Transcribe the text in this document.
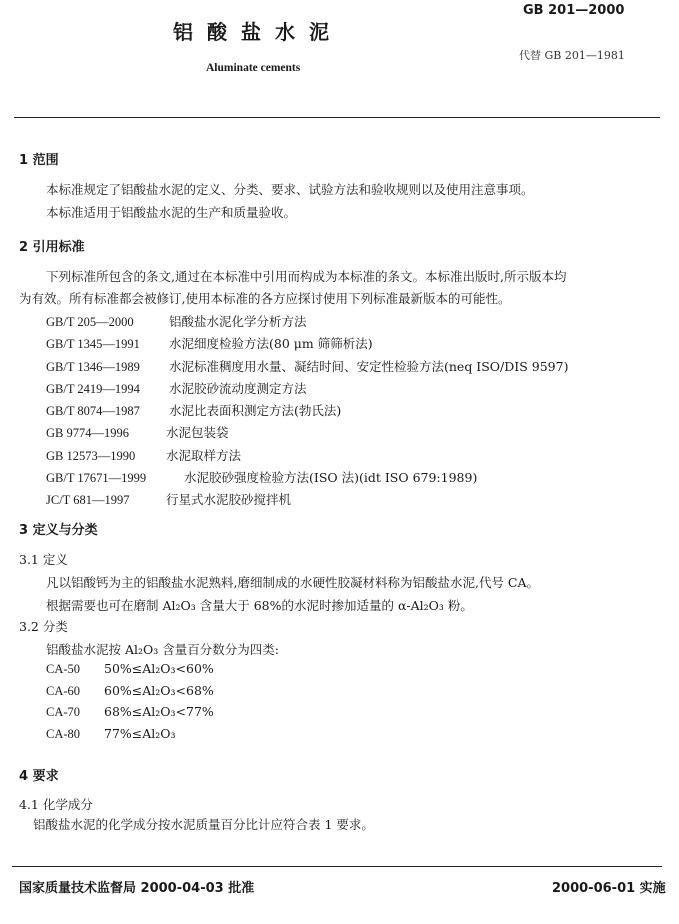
GB 201—2000
铝酸盐水泥
代替 GB 201—1981
Aluminate cements
1 范围
本标准规定了铝酸盐水泥的定义、分类、要求、试验方法和验收规则以及使用注意事项。
本标准适用于铝酸盐水泥的生产和质量验收。
2 引用标准
下列标准所包含的条文,通过在本标准中引用而构成为本标准的条文。本标准出版时,所示版本均
为有效。所有标准都会被修订,使用本标准的各方应探讨使用下列标准最新版本的可能性。
GB/T 205—2000	铝酸盐水泥化学分析方法
GB/T 1345—1991 水泥细度检验方法(80 μm 筛筛析法)
GB/T 1346—1989 水泥标准稠度用水量、凝结时间、安定性检验方法(neq ISO/DIS 9597)
GB/T 2419—1994 水泥胶砂流动度测定方法
GB/T 8074—1987 水泥比表面积测定方法(勃氏法)
GB 9774—1996	水泥包装袋
GB 12573—1990 水泥取样方法
GB/T 17671—1999	水泥胶砂强度检验方法(ISO 法)(idt ISO 679:1989)
JC/T 681—1997	行星式水泥胶砂搅拌机
3 定义与分类
3.1 定义
凡以铝酸钙为主的铝酸盐水泥熟料,磨细制成的水硬性胶凝材料称为铝酸盐水泥,代号 CA。
根据需要也可在磨制 Al₂O₃ 含量大于 68%的水泥时掺加适量的 α-Al₂O₃ 粉。
3.2 分类
铝酸盐水泥按 Al₂O₃ 含量百分数分为四类:
CA-50 50%≤Al₂O₃<60%
CA-60 60%≤Al₂O₃<68%
CA-70 68%≤Al₂O₃<77%
CA-80 77%≤Al₂O₃
4 要求
4.1 化学成分
铝酸盐水泥的化学成分按水泥质量百分比计应符合表 1 要求。
国家质量技术监督局 2000-04-03 批准	2000-06-01 实施
